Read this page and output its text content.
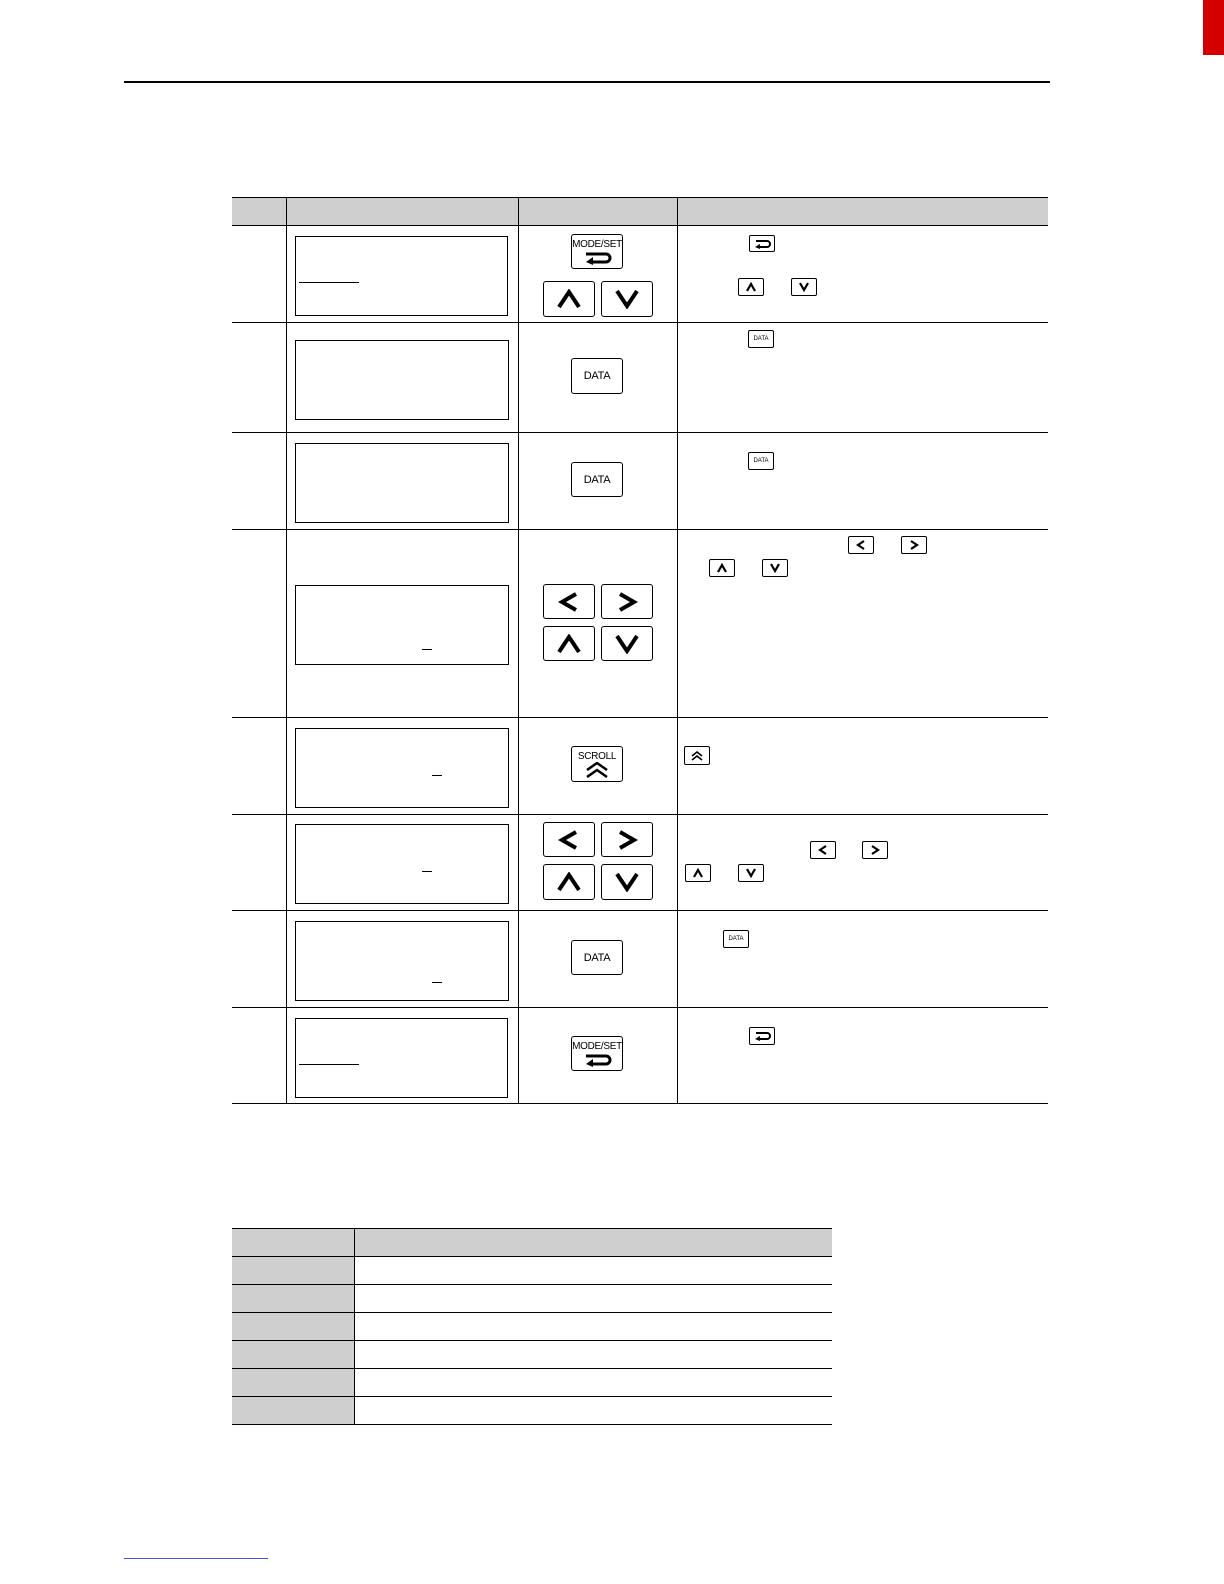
MODE/SET
DATA
DATA
DATA
DATA
SCROLL
DATA
DATA
MODE/SET
